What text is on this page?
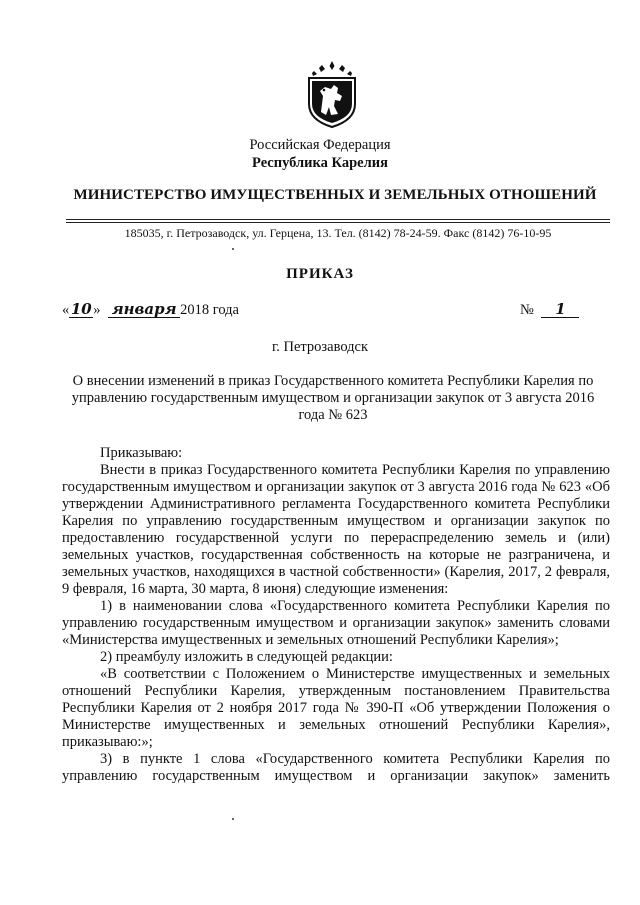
Российская Федерация
Республика Карелия
МИНИСТЕРСТВО ИМУЩЕСТВЕННЫХ И ЗЕМЕЛЬНЫХ ОТНОШЕНИЙ
185035, г. Петрозаводск, ул. Герцена, 13. Тел. (8142) 78-24-59. Факс (8142) 76-10-95
ПРИКАЗ
« 10 » января 2018 года	№ 1
г. Петрозаводск
О внесении изменений в приказ Государственного комитета Республики Карелия по управлению государственным имуществом и организации закупок от 3 августа 2016 года № 623

Приказываю:

Внести в приказ Государственного комитета Республики Карелия по управлению государственным имуществом и организации закупок от 3 августа 2016 года № 623 «Об утверждении Административного регламента Государственного комитета Республики Карелия по управлению государственным имуществом и организации закупок по предоставлению государственной услуги по перераспределению земель и (или) земельных участков, государственная собственность на которые не разграничена, и земельных участков, находящихся в частной собственности» (Карелия, 2017, 2 февраля, 9 февраля, 16 марта, 30 марта, 8 июня) следующие изменения:

1) в наименовании слова «Государственного комитета Республики Карелия по управлению государственным имуществом и организации закупок» заменить словами «Министерства имущественных и земельных отношений Республики Карелия»;

2) преамбулу изложить в следующей редакции:

«В соответствии с Положением о Министерстве имущественных и земельных отношений Республики Карелия, утвержденным постановлением Правительства Республики Карелия от 2 ноября 2017 года № 390-П «Об утверждении Положения о Министерстве имущественных и земельных отношений Республики Карелия», приказываю:»;

3) в пункте 1 слова «Государственного комитета Республики Карелия по управлению государственным имуществом и организации закупок» заменить
